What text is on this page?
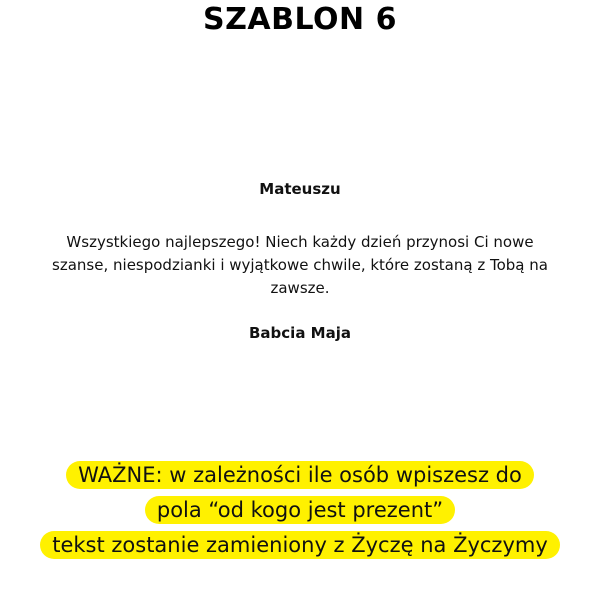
SZABLON 6
Mateuszu
Wszystkiego najlepszego! Niech każdy dzień przynosi Ci nowe szanse, niespodzianki i wyjątkowe chwile, które zostaną z Tobą na zawsze.
Babcia Maja
WAŻNE: w zależności ile osób wpiszesz do
pola “od kogo jest prezent”
tekst zostanie zamieniony z Życzę na Życzymy
